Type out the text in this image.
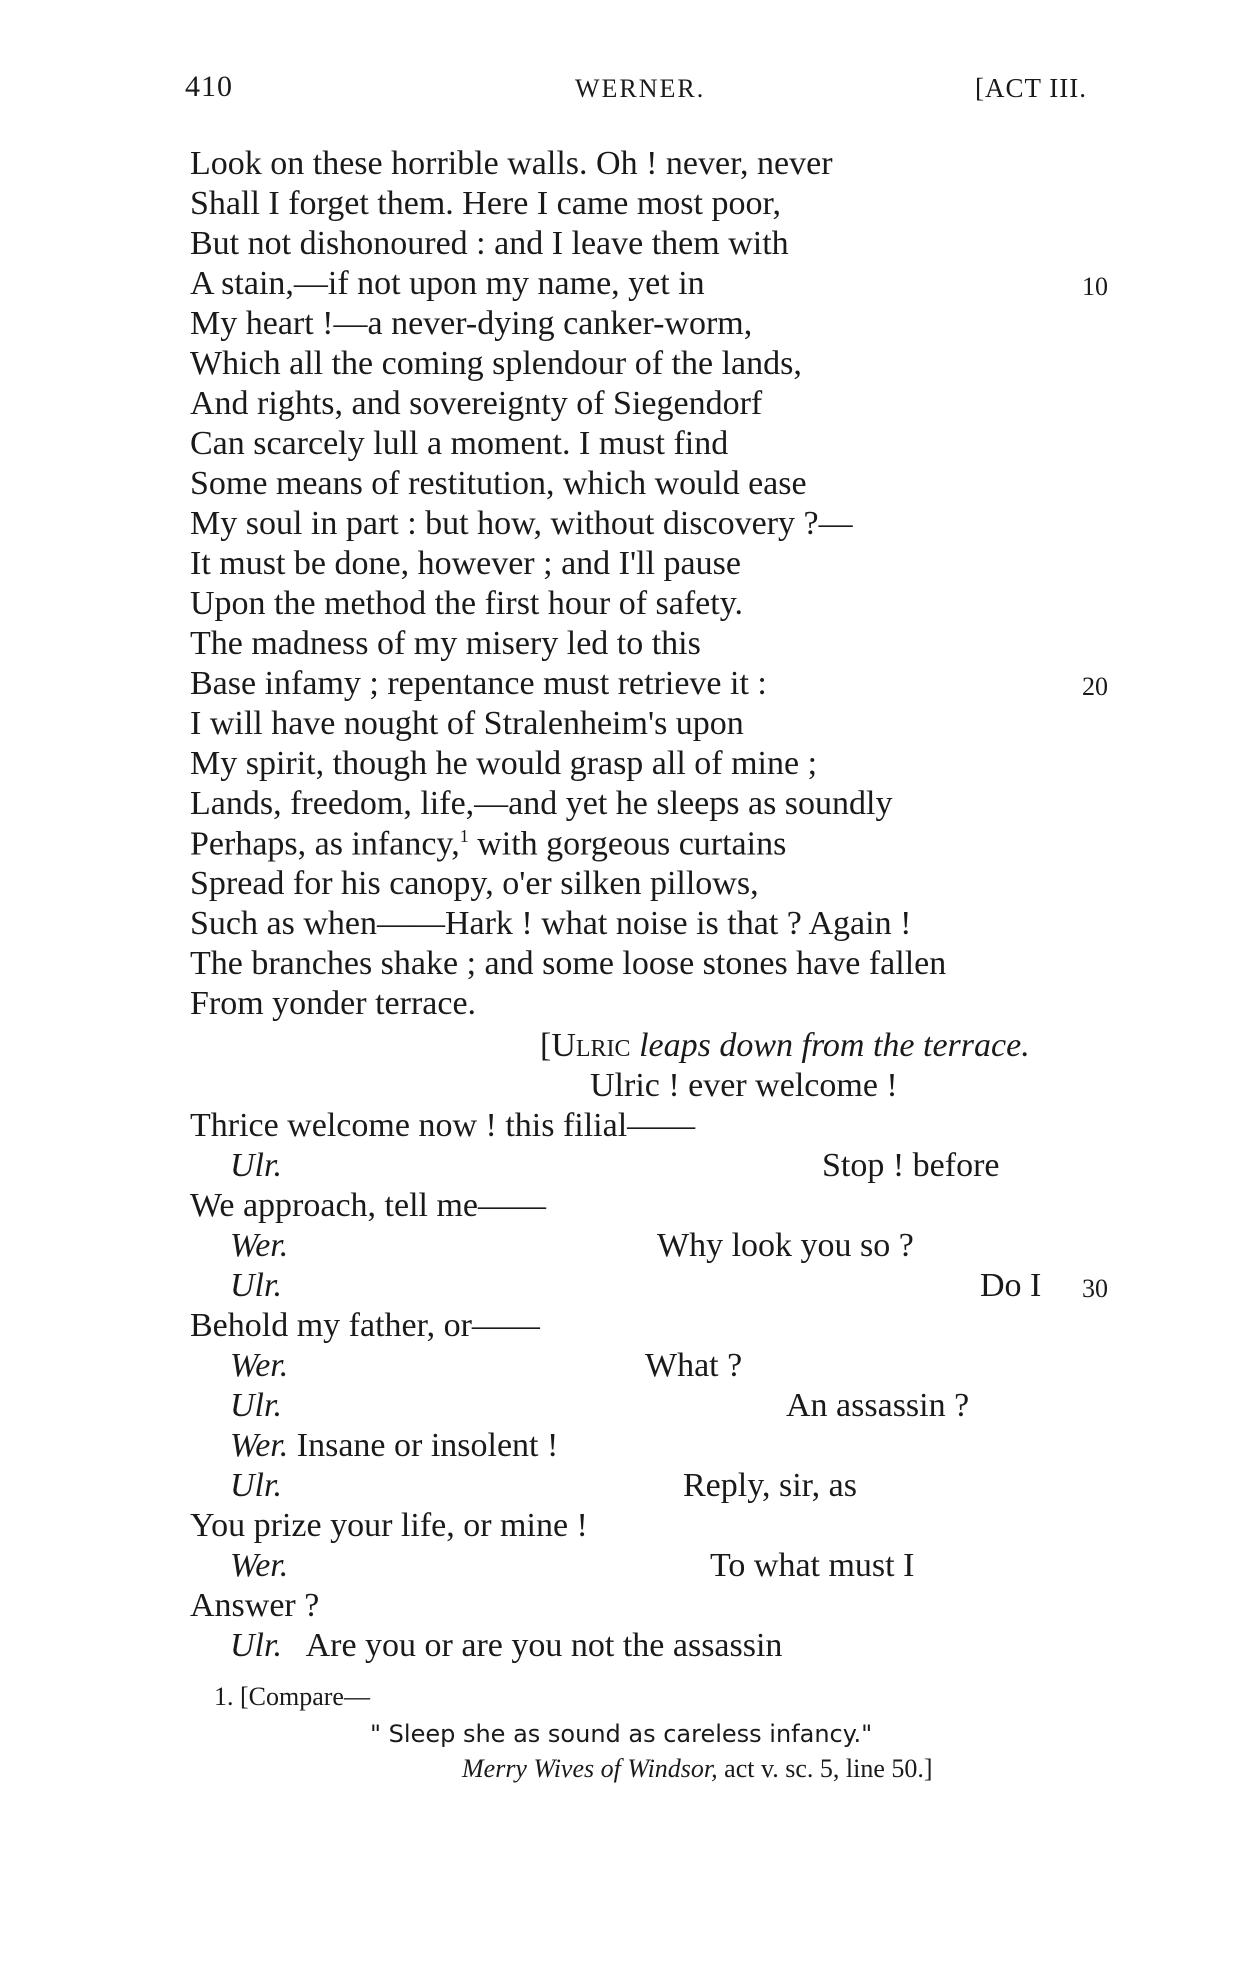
410	WERNER.	[ACT III.
Look on these horrible walls. Oh ! never, never
Shall I forget them. Here I came most poor,
But not dishonoured : and I leave them with
A stain,—if not upon my name, yet in	10
My heart !—a never-dying canker-worm,
Which all the coming splendour of the lands,
And rights, and sovereignty of Siegendorf
Can scarcely lull a moment. I must find
Some means of restitution, which would ease
My soul in part : but how, without discovery ?—
It must be done, however ; and I'll pause
Upon the method the first hour of safety.
The madness of my misery led to this
Base infamy ; repentance must retrieve it :	20
I will have nought of Stralenheim's upon
My spirit, though he would grasp all of mine ;
Lands, freedom, life,—and yet he sleeps as soundly
Perhaps, as infancy,$^1$ with gorgeous curtains
Spread for his canopy, o'er silken pillows,
Such as when——Hark ! what noise is that ? Again !
The branches shake ; and some loose stones have fallen
From yonder terrace.
[Ulric leaps down from the terrace.
Ulric ! ever welcome !
Thrice welcome now ! this filial——
Ulr.	Stop ! before
We approach, tell me——
Wer.	Why look you so ?
Ulr.	Do I 30
Behold my father, or——
Wer.	What ?
Ulr.	An assassin ?
Wer. Insane or insolent !
Ulr.	Reply, sir, as
You prize your life, or mine !
Wer.	To what must I
Answer ?
Ulr. Are you or are you not the assassin
1. [Compare—
" Sleep she as sound as careless infancy."
Merry Wives of Windsor, act v. sc. 5, line 50.]
